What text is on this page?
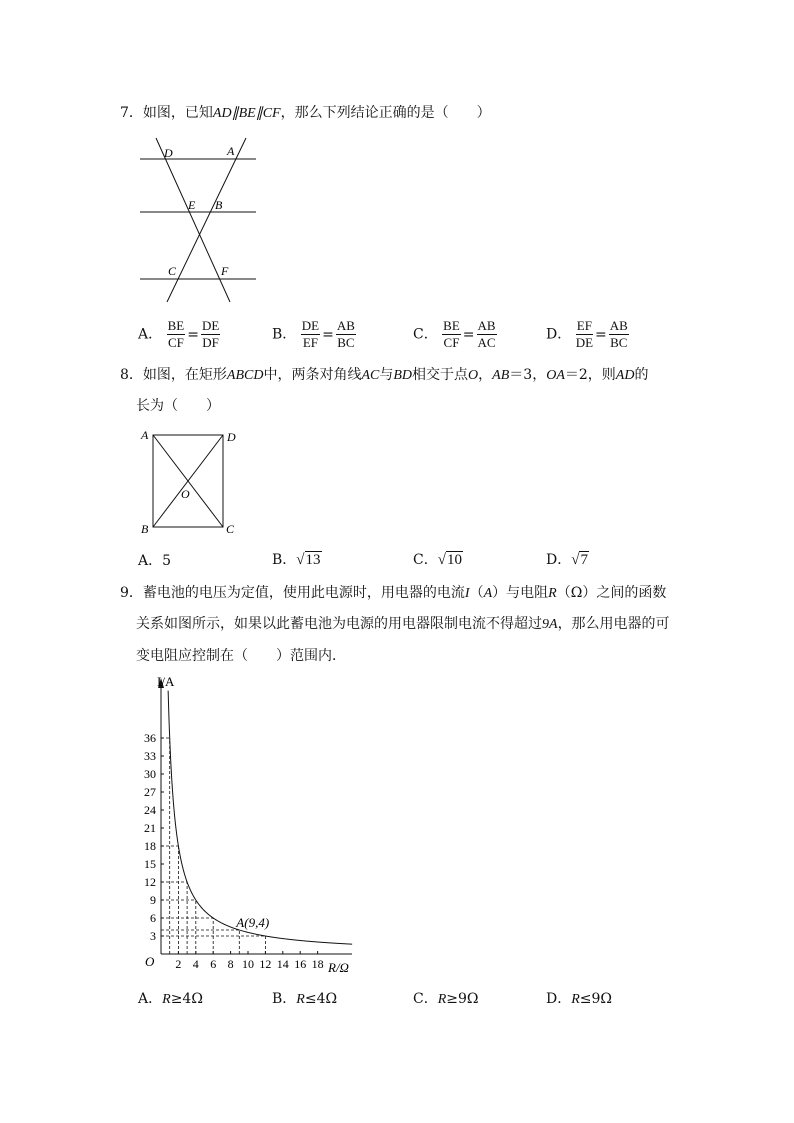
7．如图，已知AD∥BE∥CF，那么下列结论正确的是（　　）
D	A
E B
C	F
A． $\frac{BE}{CF} = \frac{DE}{DF}$	B． $\frac{DE}{EF} = \frac{AB}{BC}$	C． $\frac{BE}{CF} = \frac{AB}{AC}$	D． $\frac{EF}{DE} = \frac{AB}{BC}$
8．如图，在矩形ABCD中，两条对角线AC与BD相交于点O，AB＝3，OA＝2，则AD的
长为（　　）
A	D
O
B	C
A．5	B．√13	C．√10	D．√7
9．蓄电池的电压为定值，使用此电源时，用电器的电流I（A）与电阻R（Ω）之间的函数
关系如图所示，如果以此蓄电池为电源的用电器限制电流不得超过9A，那么用电器的可
变电阻应控制在（　　）范围内．
2 4 6 8 10 12 14 16 18
3
6
9
12
15
18
21
24
27
30
33
36
A(9,4)
I/A
R/Ω
O
A．R≥4Ω	B．R≤4Ω	C．R≥9Ω	D．R≤9Ω
